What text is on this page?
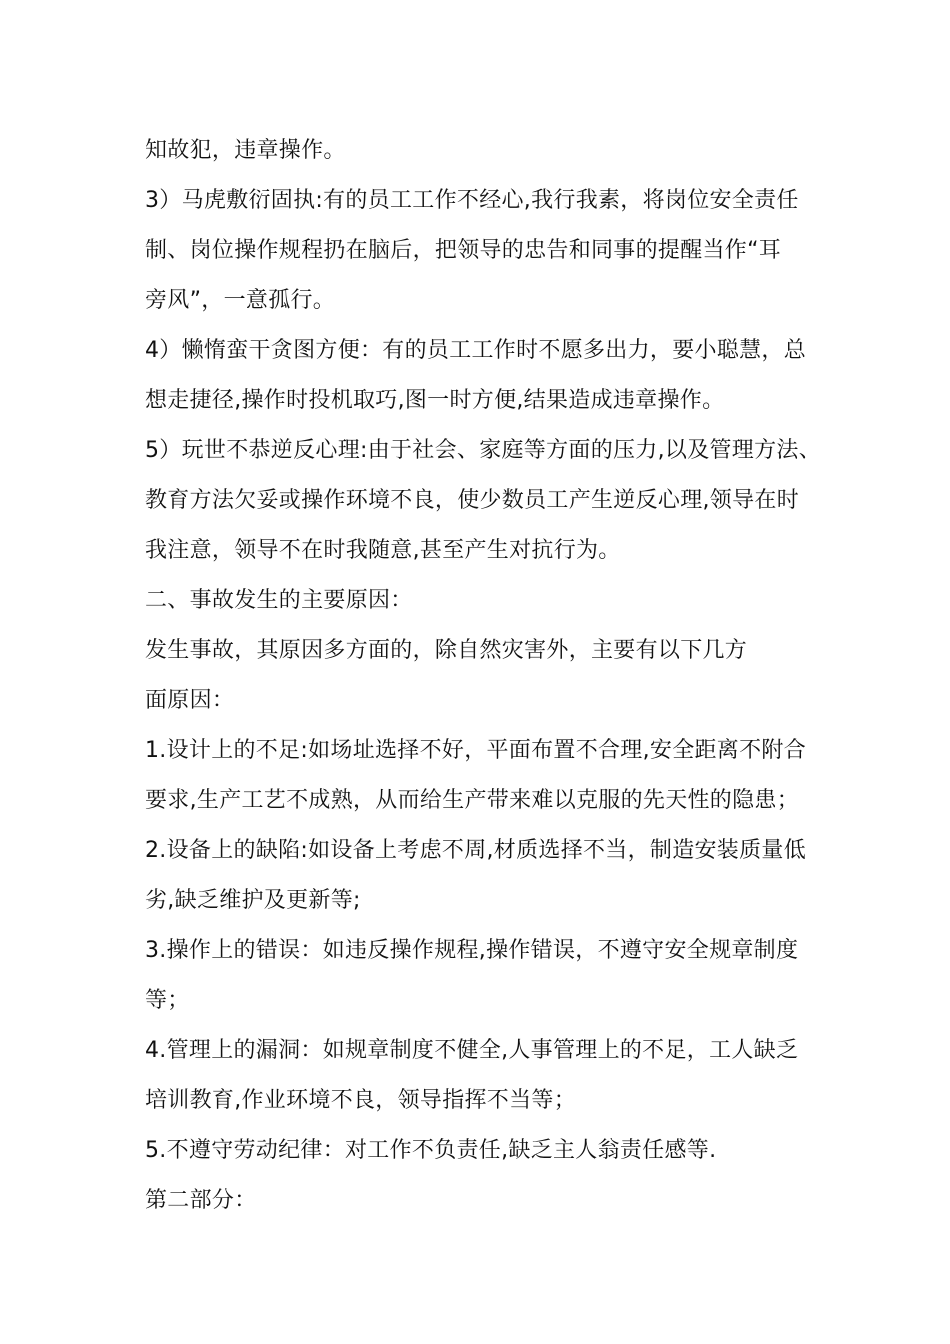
知故犯，违章操作。
3）马虎敷衍固执:有的员工工作不经心,我行我素，将岗位安全责任
制、岗位操作规程扔在脑后，把领导的忠告和同事的提醒当作“耳
旁风”，一意孤行。
4）懒惰蛮干贪图方便：有的员工工作时不愿多出力，要小聪慧，总
想走捷径,操作时投机取巧,图一时方便,结果造成违章操作。
5）玩世不恭逆反心理:由于社会、家庭等方面的压力,以及管理方法、
教育方法欠妥或操作环境不良，使少数员工产生逆反心理,领导在时
我注意，领导不在时我随意,甚至产生对抗行为。
二、事故发生的主要原因：
发生事故，其原因多方面的，除自然灾害外，主要有以下几方
面原因：
1.设计上的不足:如场址选择不好，平面布置不合理,安全距离不附合
要求,生产工艺不成熟，从而给生产带来难以克服的先天性的隐患；
2.设备上的缺陷:如设备上考虑不周,材质选择不当，制造安装质量低
劣,缺乏维护及更新等;
3.操作上的错误：如违反操作规程,操作错误，不遵守安全规章制度
等；
4.管理上的漏洞：如规章制度不健全,人事管理上的不足，工人缺乏
培训教育,作业环境不良，领导指挥不当等；
5.不遵守劳动纪律：对工作不负责任,缺乏主人翁责任感等.
第二部分：
